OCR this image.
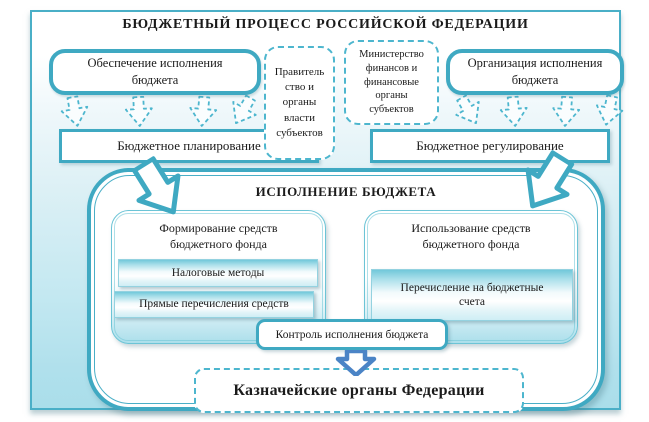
БЮДЖЕТНЫЙ ПРОЦЕСС РОССИЙСКОЙ ФЕДЕРАЦИИ
Обеспечение исполнения
бюджета
Правитель
ство и
органы
власти
субъектов
Министерство
финансов и
финансовые
органы
субъектов
Организация исполнения
бюджета
Бюджетное планирование	Бюджетное регулирование
ИСПОЛНЕНИЕ БЮДЖЕТА
Формирование средств
бюджетного фонда
Налоговые методы
Прямые перечисления средств
Использование средств
бюджетного фонда
Перечисление на бюджетные
счета
Контроль исполнения бюджета
Казначейские органы Федерации
